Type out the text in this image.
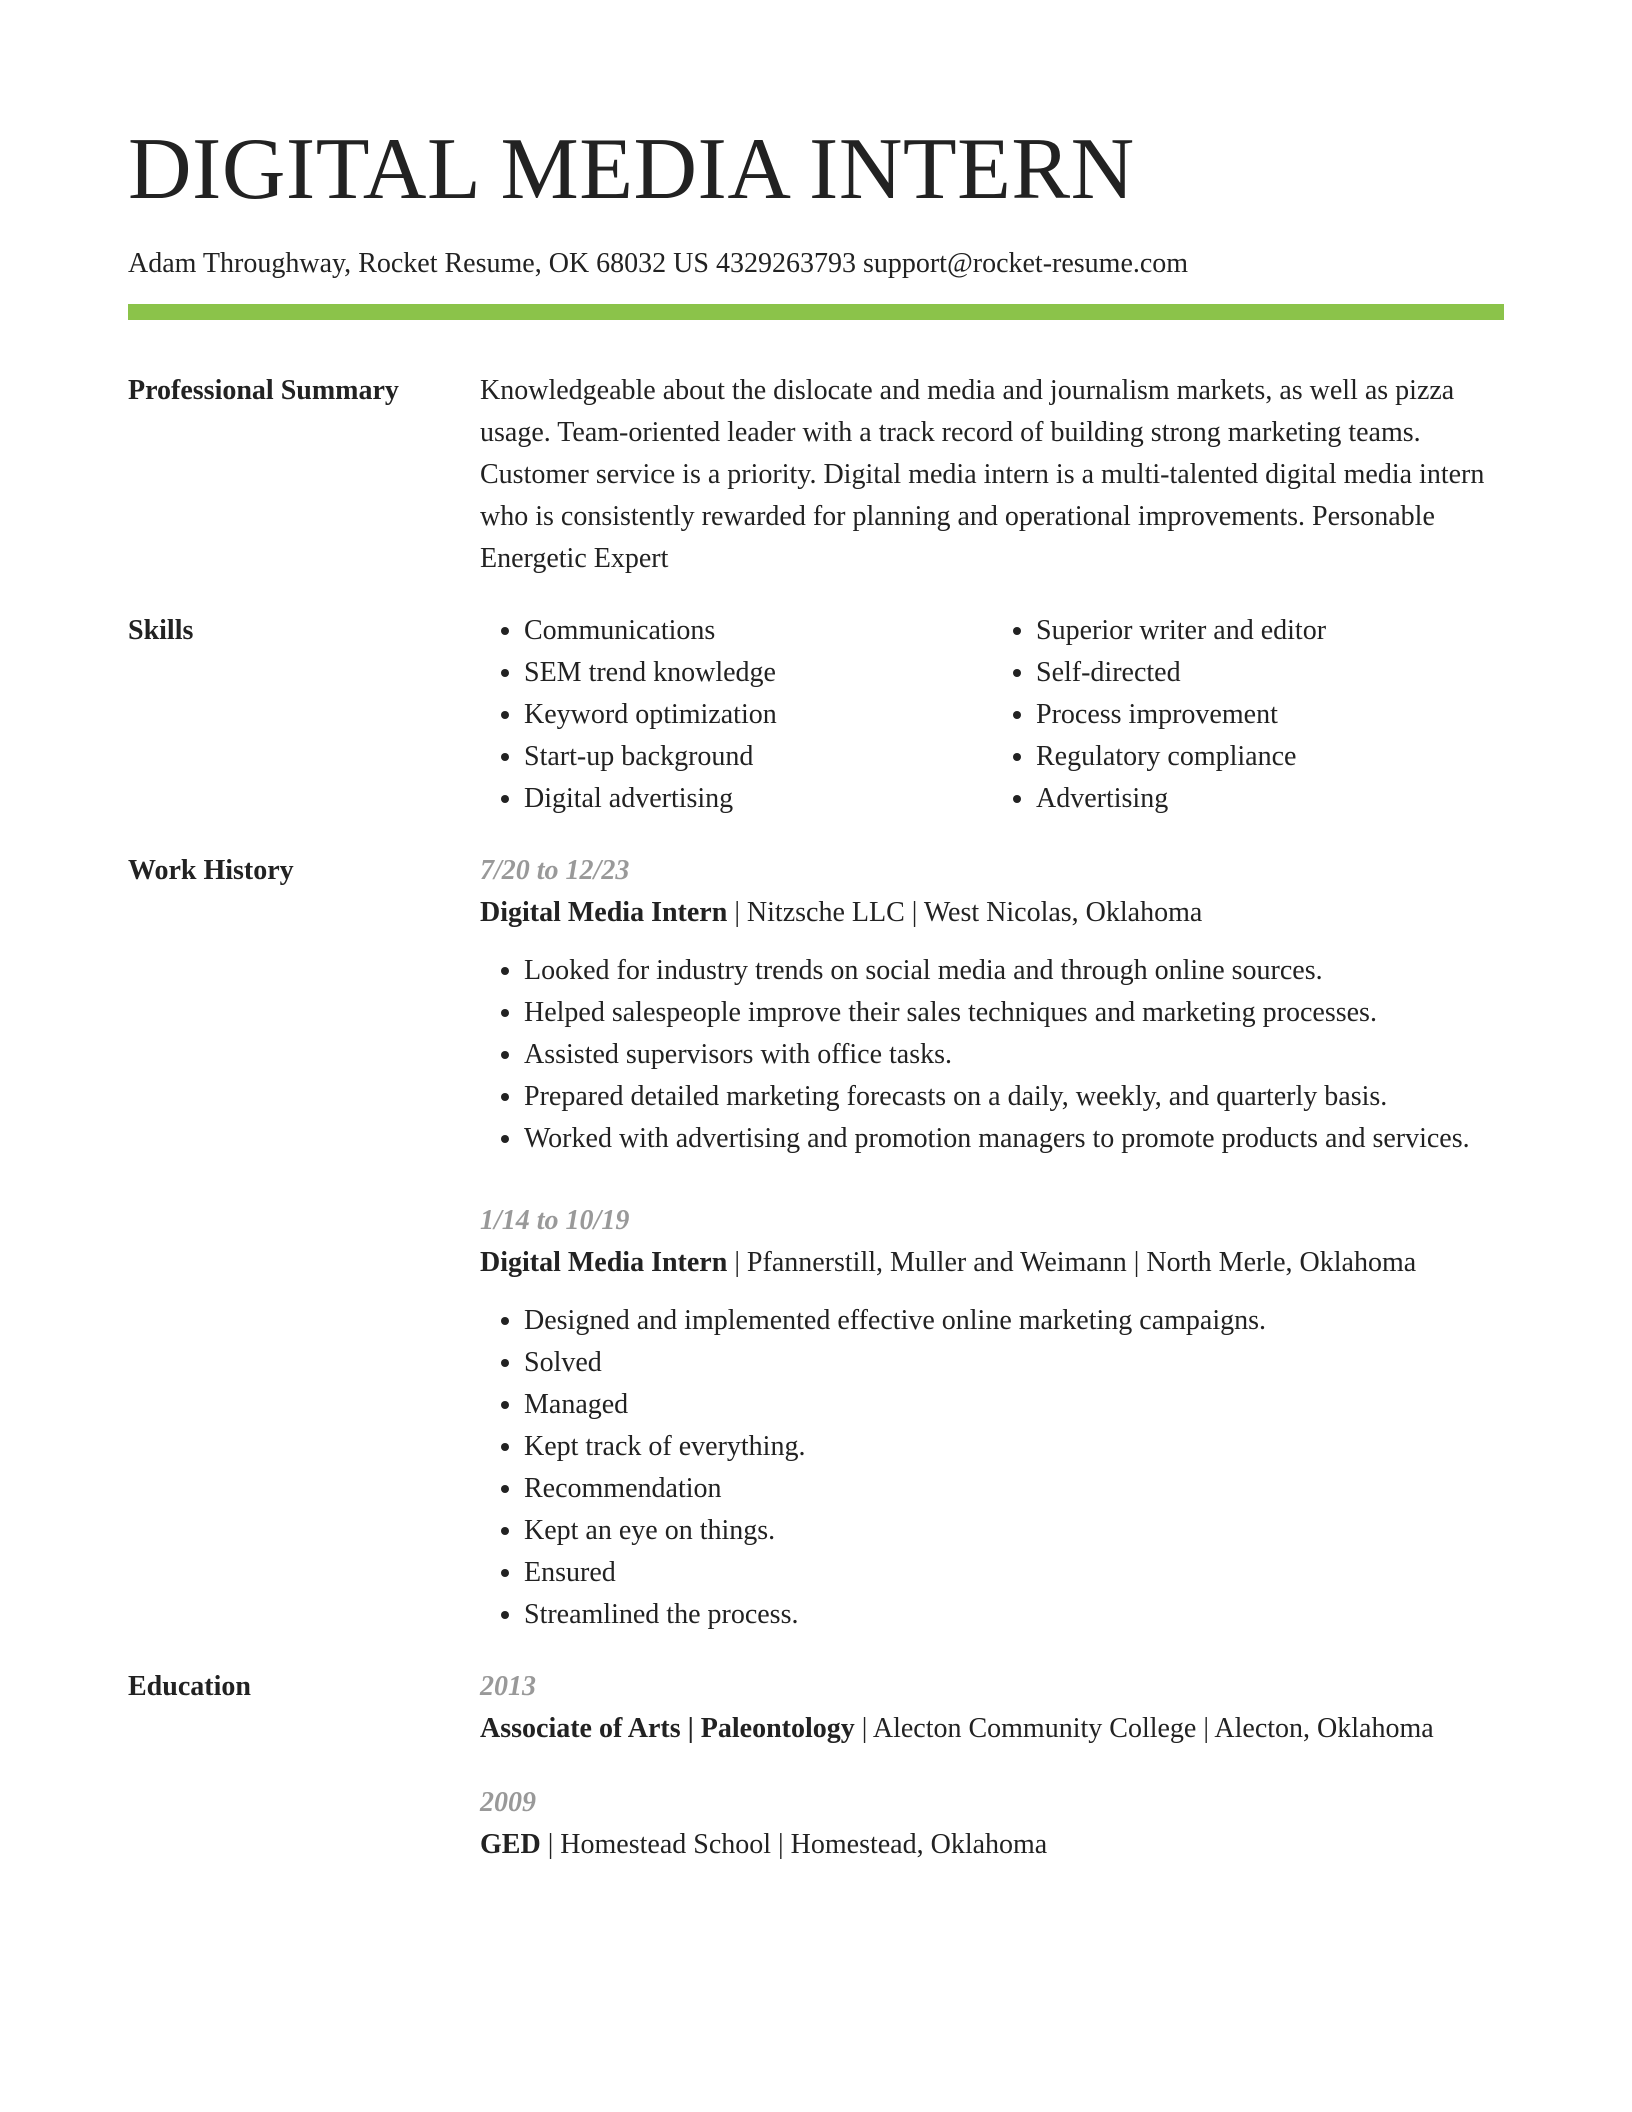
DIGITAL MEDIA INTERN
Adam Throughway, Rocket Resume, OK 68032 US 4329263793 support@rocket-resume.com
Professional Summary	Knowledgeable about the dislocate and media and journalism markets, as well as pizza usage. Team-oriented leader with a track record of building strong marketing teams. Customer service is a priority. Digital media intern is a multi-talented digital media intern who is consistently rewarded for planning and operational improvements. Personable Energetic Expert

Skills
•	Communications
• SEM trend knowledge
• Keyword optimization
• Start-up background
• Digital advertising
• Superior writer and editor
• Self-directed
• Process improvement
• Regulatory compliance
• Advertising
Work History	7/20 to 12/23
Digital Media Intern | Nitzsche LLC | West Nicolas, Oklahoma
• Looked for industry trends on social media and through online sources.
• Helped salespeople improve their sales techniques and marketing processes.
• Assisted supervisors with office tasks.
• Prepared detailed marketing forecasts on a daily, weekly, and quarterly basis.
• Worked with advertising and promotion managers to promote products and services.
1/14 to 10/19
Digital Media Intern | Pfannerstill, Muller and Weimann | North Merle, Oklahoma
• Designed and implemented effective online marketing campaigns.
• Solved
• Managed
• Kept track of everything.
• Recommendation
• Kept an eye on things.
• Ensured
• Streamlined the process.
Education	2013
Associate of Arts | Paleontology | Alecton Community College | Alecton, Oklahoma
2009
GED | Homestead School | Homestead, Oklahoma
